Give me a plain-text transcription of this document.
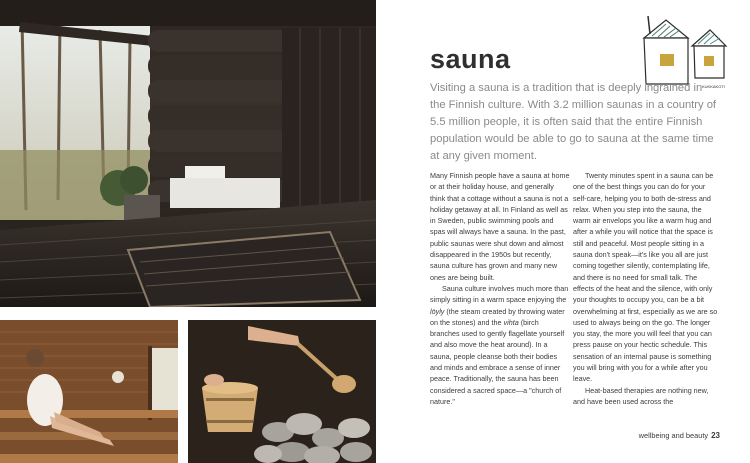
sauna
KUKKAKOTI

Visiting a sauna is a tradition that is deeply ingrained in the Finnish culture. With 3.2 million saunas in a country of 5.5 million people, it is often said that the entire Finnish population would be able to go to sauna at the same time at any given moment.

Many Finnish people have a sauna at home or at their holiday house, and generally think that a cottage without a sauna is not a holiday getaway at all. In Finland as well as in Sweden, public swimming pools and spas will always have a sauna. In the past, public saunas were shut down and almost disappeared in the 1950s but recently, sauna culture has grown and many new ones are being built.

Sauna culture involves much more than simply sitting in a warm space enjoying the löyly (the steam created by throwing water on the stones) and the vihta (birch branches used to gently flagellate yourself and also move the heat around). In a sauna, people cleanse both their bodies and minds and embrace a sense of inner peace. Traditionally, the sauna has been considered a sacred space—a "church of nature."

Twenty minutes spent in a sauna can be one of the best things you can do for your self-care, helping you to both de-stress and relax. When you step into the sauna, the warm air envelops you like a warm hug and after a while you will notice that the space is still and peaceful. Most people sitting in a sauna don't speak—it's like you all are just coming together silently, contemplating life, and there is no need for small talk. The effects of the heat and the silence, with only your thoughts to occupy you, can be a bit overwhelming at first, especially as we are so used to always being on the go. The longer you stay, the more you will feel that you can press pause on your hectic schedule. This sensation of an internal pause is something you will bring with you for a while after you leave.

Heat-based therapies are nothing new, and have been used across the

wellbeing and beauty 23
